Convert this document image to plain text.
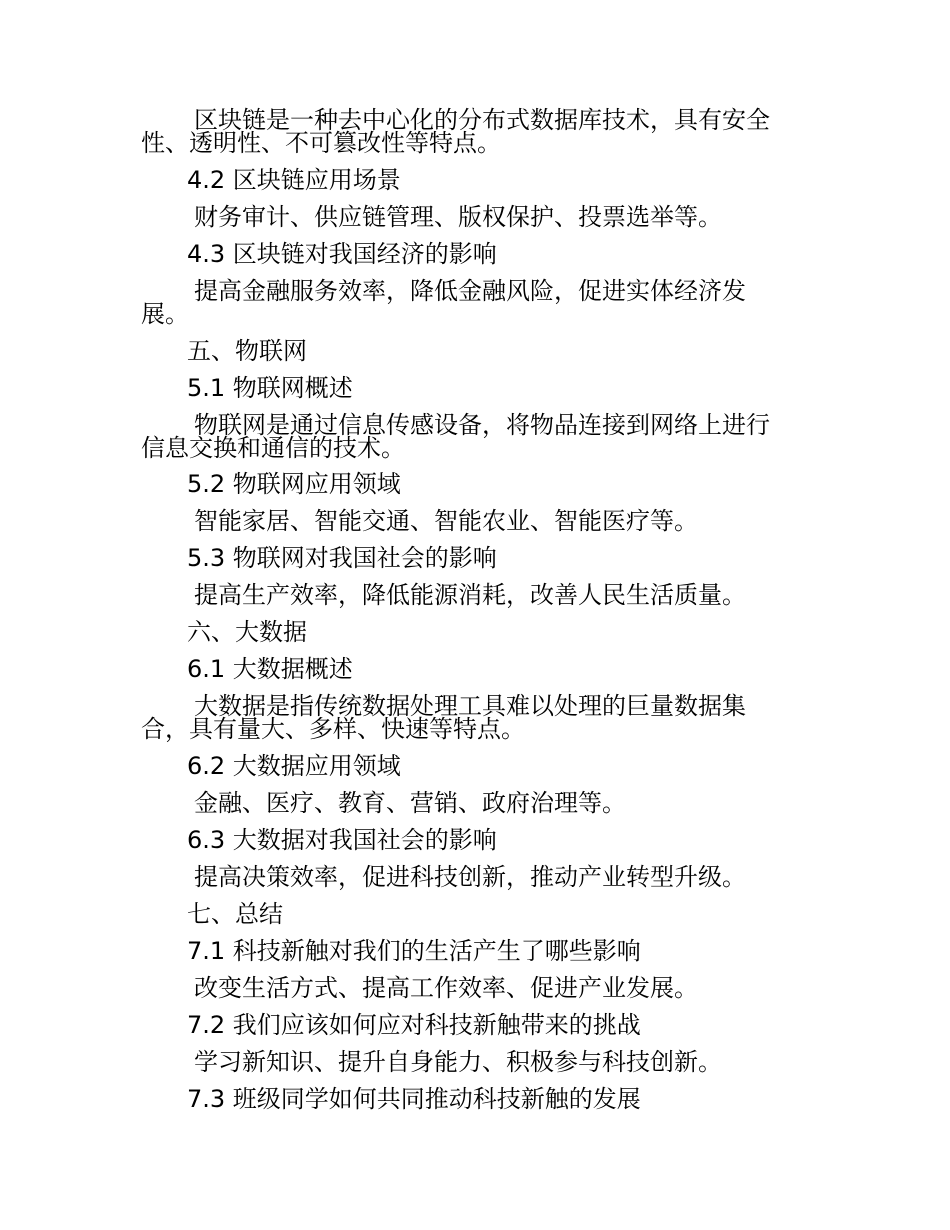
区块链是一种去中心化的分布式数据库技术，具有安全
性、透明性、不可篡改性等特点。
4.2 区块链应用场景
财务审计、供应链管理、版权保护、投票选举等。
4.3 区块链对我国经济的影响
提高金融服务效率，降低金融风险，促进实体经济发
展。
五、物联网
5.1 物联网概述
物联网是通过信息传感设备，将物品连接到网络上进行
信息交换和通信的技术。
5.2 物联网应用领域
智能家居、智能交通、智能农业、智能医疗等。
5.3 物联网对我国社会的影响
提高生产效率，降低能源消耗，改善人民生活质量。
六、大数据
6.1 大数据概述
大数据是指传统数据处理工具难以处理的巨量数据集
合，具有量大、多样、快速等特点。
6.2 大数据应用领域
金融、医疗、教育、营销、政府治理等。
6.3 大数据对我国社会的影响
提高决策效率，促进科技创新，推动产业转型升级。
七、总结
7.1 科技新触对我们的生活产生了哪些影响
改变生活方式、提高工作效率、促进产业发展。
7.2 我们应该如何应对科技新触带来的挑战
学习新知识、提升自身能力、积极参与科技创新。
7.3 班级同学如何共同推动科技新触的发展
